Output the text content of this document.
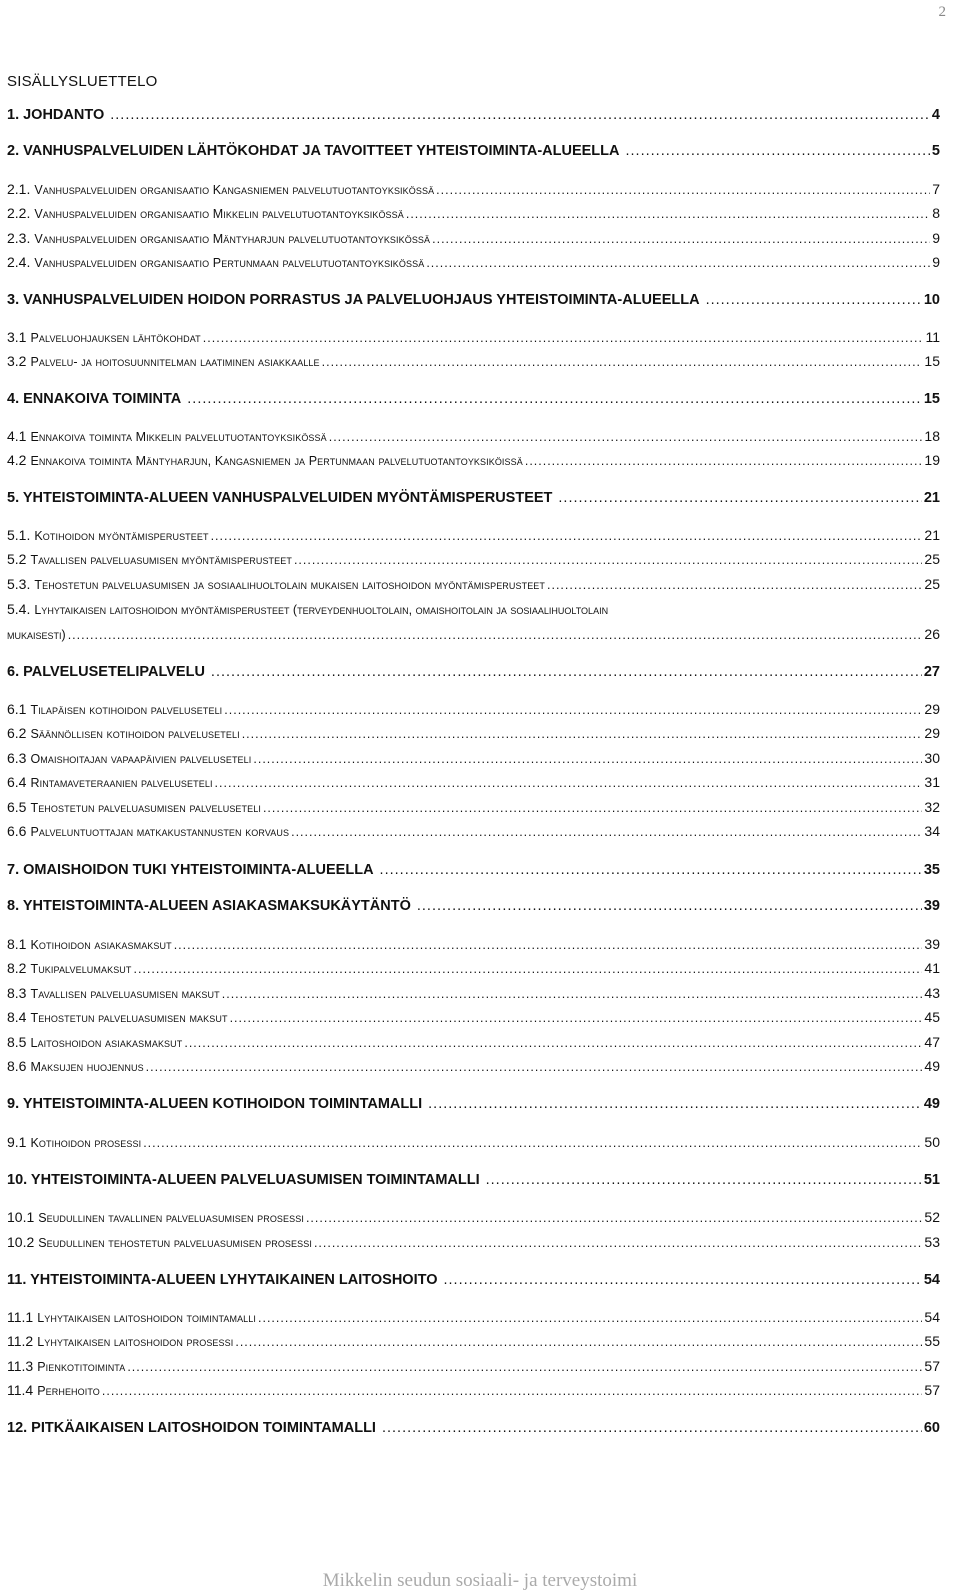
2
SISÄLLYSLUETTELO
1. JOHDANTO .....	4
2. VANHUSPALVELUIDEN LÄHTÖKOHDAT JA TAVOITTEET YHTEISTOIMINTA-ALUEELLA .....	5
2.1. Vanhuspalveluiden organisaatio Kangasniemen palvelutuotantoyksikössä .....	7
2.2. Vanhuspalveluiden organisaatio Mikkelin palvelutuotantoyksikössä .....	8
2.3. Vanhuspalveluiden organisaatio Mäntyharjun palvelutuotantoyksikössä .....	9
2.4. Vanhuspalveluiden organisaatio Pertunmaan palvelutuotantoyksikössä .....	9
3. VANHUSPALVELUIDEN HOIDON PORRASTUS JA PALVELUOHJAUS YHTEISTOIMINTA-ALUEELLA .....	10
3.1 Palveluohjauksen lähtökohdat .....	11
3.2 Palvelu- ja hoitosuunnitelman laatiminen asiakkaalle .....	15
4. ENNAKOIVA TOIMINTA .....	15
4.1 Ennakoiva toiminta Mikkelin palvelutuotantoyksikössä .....	18
4.2 Ennakoiva toiminta Mäntyharjun, Kangasniemen ja Pertunmaan palvelutuotantoyksiköissä .....	19
5. YHTEISTOIMINTA-ALUEEN VANHUSPALVELUIDEN MYÖNTÄMISPERUSTEET .....	21
5.1. Kotihoidon myöntämisperusteet .....	21
5.2 Tavallisen palveluasumisen myöntämisperusteet .....	25
5.3. Tehostetun palveluasumisen ja sosiaalihuoltolain mukaisen laitoshoidon myöntämisperusteet .....	25
5.4. Lyhytaikaisen laitoshoidon myöntämisperusteet (terveydenhuoltolain, omaishoitolain ja sosiaalihuoltolain
mukaisesti) .....	26
6. PALVELUSETELIPALVELU .....	27
6.1 Tilapäisen kotihoidon palveluseteli .....	29
6.2 Säännöllisen kotihoidon palveluseteli .....	29
6.3 Omaishoitajan vapaapäivien palveluseteli .....	30
6.4 Rintamaveteraanien palveluseteli .....	31
6.5 Tehostetun palveluasumisen palveluseteli .....	32
6.6 Palveluntuottajan matkakustannusten korvaus .....	34
7. OMAISHOIDON TUKI YHTEISTOIMINTA-ALUEELLA .....	35
8. YHTEISTOIMINTA-ALUEEN ASIAKASMAKSUKÄYTÄNTÖ .....	39
8.1 Kotihoidon asiakasmaksut .....	39
8.2 Tukipalvelumaksut .....	41
8.3 Tavallisen palveluasumisen maksut .....	43
8.4 Tehostetun palveluasumisen maksut .....	45
8.5 Laitoshoidon asiakasmaksut .....	47
8.6 Maksujen huojennus .....	49
9. YHTEISTOIMINTA-ALUEEN KOTIHOIDON TOIMINTAMALLI .....	49
9.1 Kotihoidon prosessi .....	50
10. YHTEISTOIMINTA-ALUEEN PALVELUASUMISEN TOIMINTAMALLI .....	51
10.1 Seudullinen tavallinen palveluasumisen prosessi .....	52
10.2 Seudullinen tehostetun palveluasumisen prosessi .....	53
11. YHTEISTOIMINTA-ALUEEN LYHYTAIKAINEN LAITOSHOITO .....	54
11.1 Lyhytaikaisen laitoshoidon toimintamalli .....	54
11.2 Lyhytaikaisen laitoshoidon prosessi .....	55
11.3 Pienkotitoiminta .....	57
11.4 Perhehoito .....	57
12. PITKÄAIKAISEN LAITOSHOIDON TOIMINTAMALLI .....	60
Mikkelin seudun sosiaali- ja terveystoimi
